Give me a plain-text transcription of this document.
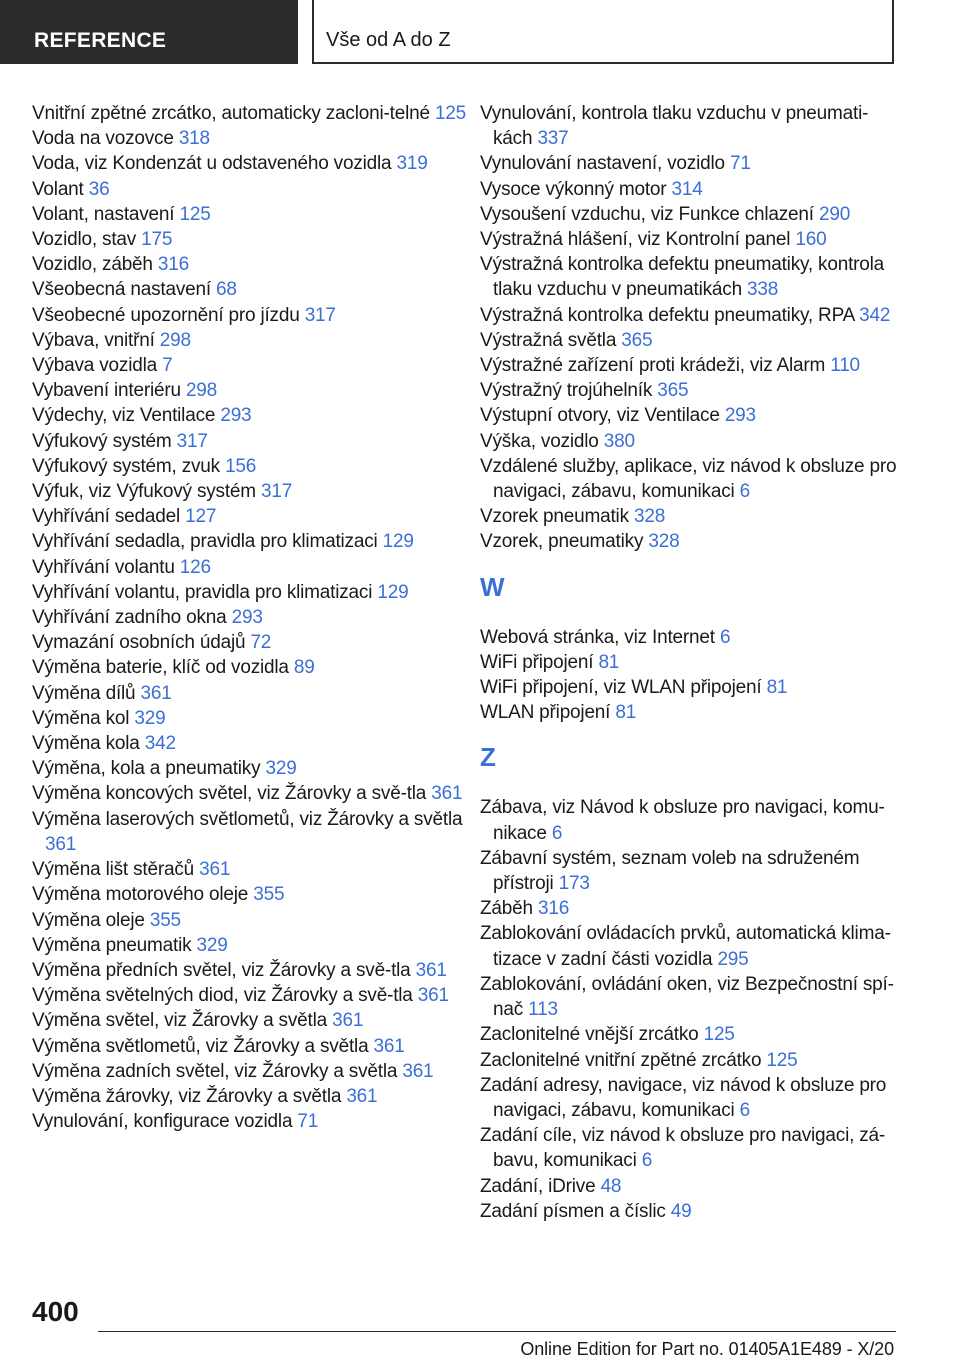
REFERENCE	Vše od A do Z
Vnitřní zpětné zrcátko, automaticky zacloni-telné 125
Voda na vozovce 318
Voda, viz Kondenzát u odstaveného vozidla 319
Volant 36
Volant, nastavení 125
Vozidlo, stav 175
Vozidlo, záběh 316
Všeobecná nastavení 68
Všeobecné upozornění pro jízdu 317
Výbava, vnitřní 298
Výbava vozidla 7
Vybavení interiéru 298
Výdechy, viz Ventilace 293
Výfukový systém 317
Výfukový systém, zvuk 156
Výfuk, viz Výfukový systém 317
Vyhřívání sedadel 127
Vyhřívání sedadla, pravidla pro klimatizaci 129
Vyhřívání volantu 126
Vyhřívání volantu, pravidla pro klimatizaci 129
Vyhřívání zadního okna 293
Vymazání osobních údajů 72
Výměna baterie, klíč od vozidla 89
Výměna dílů 361
Výměna kol 329
Výměna kola 342
Výměna, kola a pneumatiky 329
Výměna koncových světel, viz Žárovky a svě-tla 361
Výměna laserových světlometů, viz Žárovky a světla 361
Výměna lišt stěračů 361
Výměna motorového oleje 355
Výměna oleje 355
Výměna pneumatik 329
Výměna předních světel, viz Žárovky a svě-tla 361
Výměna světelných diod, viz Žárovky a svě-tla 361
Výměna světel, viz Žárovky a světla 361
Výměna světlometů, viz Žárovky a světla 361
Výměna zadních světel, viz Žárovky a světla 361
Výměna žárovky, viz Žárovky a světla 361
Vynulování, konfigurace vozidla 71
Vynulování, kontrola tlaku vzduchu v pneumati-kách 337
Vynulování nastavení, vozidlo 71
Vysoce výkonný motor 314
Vysoušení vzduchu, viz Funkce chlazení 290
Výstražná hlášení, viz Kontrolní panel 160
Výstražná kontrolka defektu pneumatiky, kontrola tlaku vzduchu v pneumatikách 338
Výstražná kontrolka defektu pneumatiky, RPA 342
Výstražná světla 365
Výstražné zařízení proti krádeži, viz Alarm 110
Výstražný trojúhelník 365
Výstupní otvory, viz Ventilace 293
Výška, vozidlo 380
Vzdálené služby, aplikace, viz návod k obsluze pro navigaci, zábavu, komunikaci 6
Vzorek pneumatik 328
Vzorek, pneumatiky 328
W
Webová stránka, viz Internet 6
WiFi připojení 81
WiFi připojení, viz WLAN připojení 81
WLAN připojení 81
Z
Zábava, viz Návod k obsluze pro navigaci, komu-nikace 6
Zábavní systém, seznam voleb na sdruženém přístroji 173
Záběh 316
Zablokování ovládacích prvků, automatická klima-tizace v zadní části vozidla 295
Zablokování, ovládání oken, viz Bezpečnostní spí-nač 113
Zaclonitelné vnější zrcátko 125
Zaclonitelné vnitřní zpětné zrcátko 125
Zadání adresy, navigace, viz návod k obsluze pro navigaci, zábavu, komunikaci 6
Zadání cíle, viz návod k obsluze pro navigaci, zá-bavu, komunikaci 6
Zadání, iDrive 48
Zadání písmen a číslic 49
400
Online Edition for Part no. 01405A1E489 - X/20
